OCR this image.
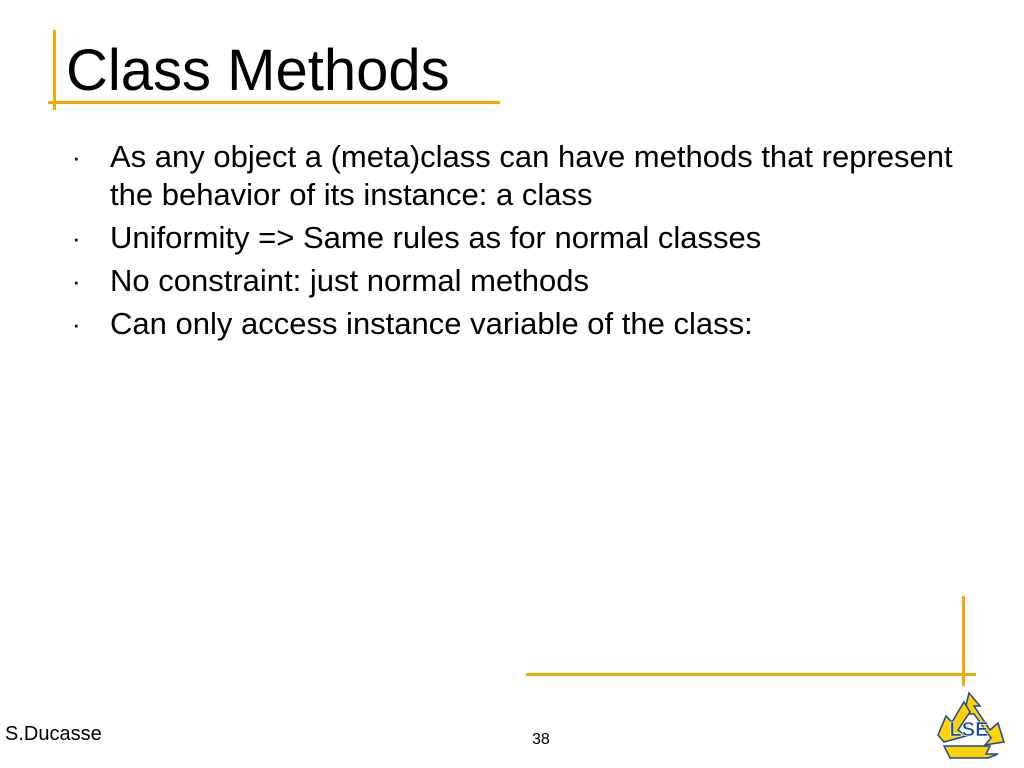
Class Methods
· As any object a (meta)class can have methods that represent the behavior of its instance: a class
· Uniformity => Same rules as for normal classes
· No constraint: just normal methods
· Can only access instance variable of the class:
S.Ducasse	38	LSE
